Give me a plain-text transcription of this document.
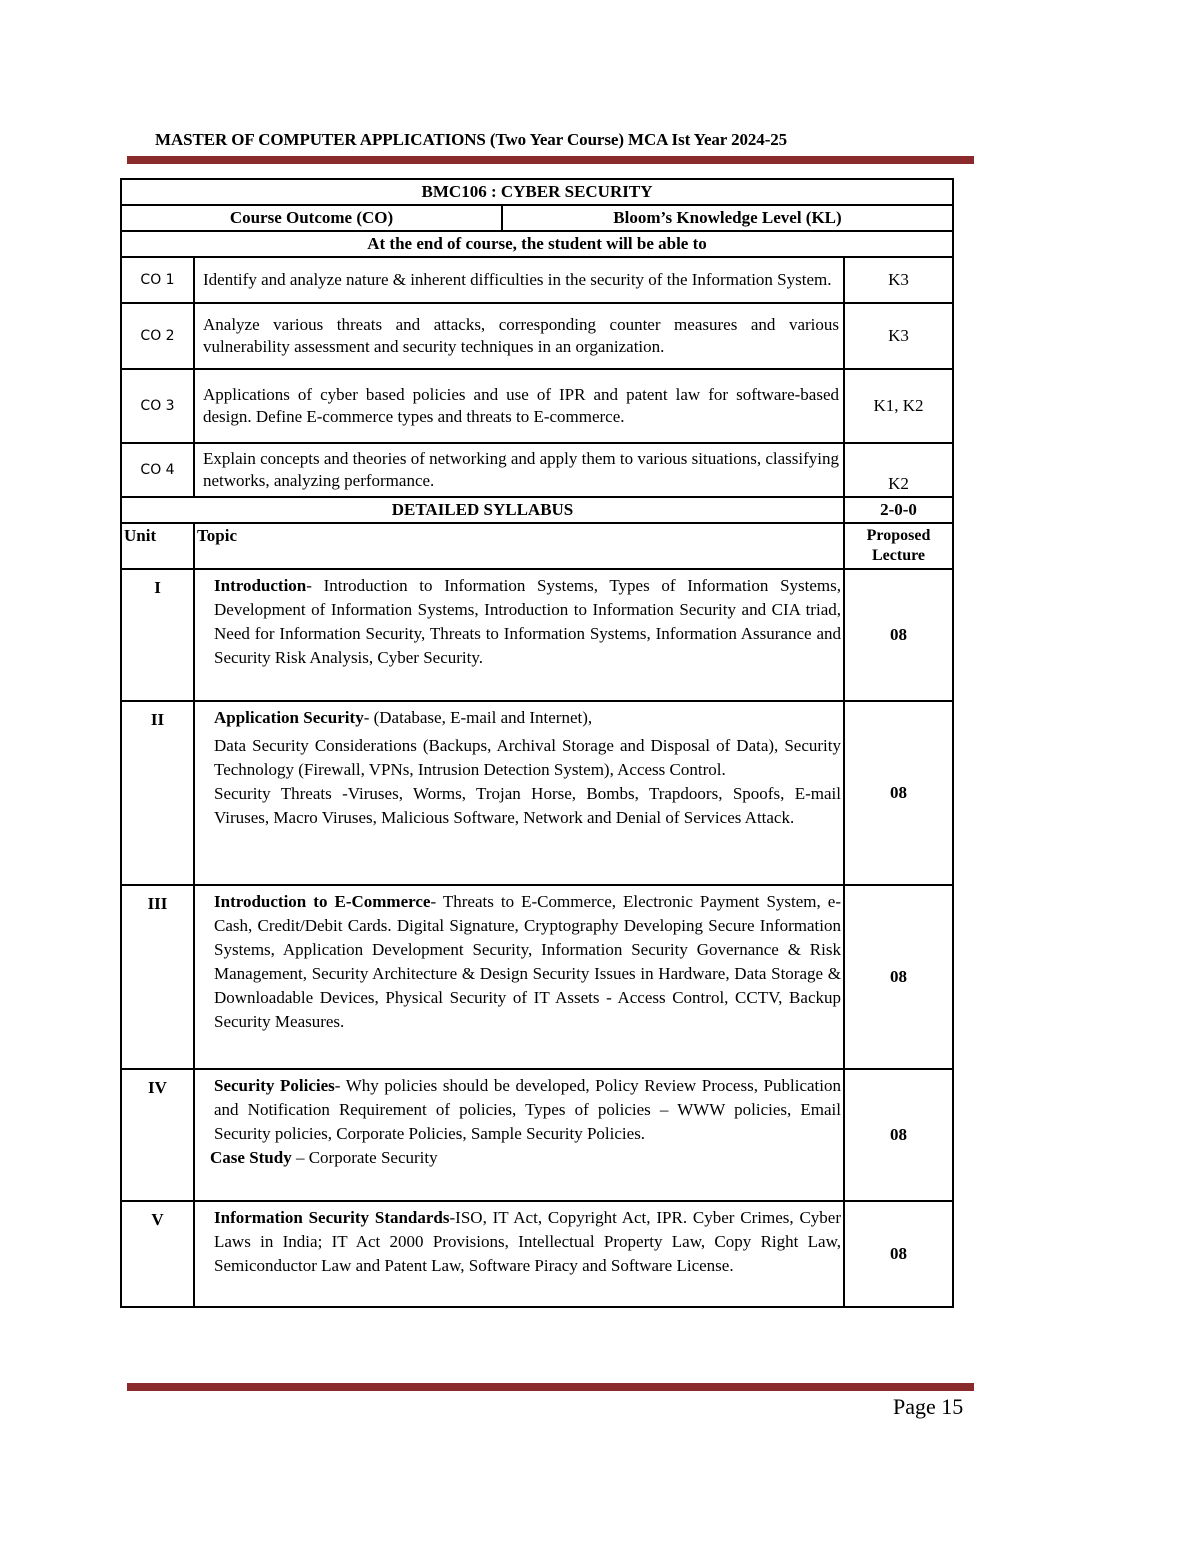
MASTER OF COMPUTER APPLICATIONS (Two Year Course) MCA Ist Year 2024-25
BMC106 : CYBER SECURITY			
Course Outcome (CO)		Bloom’s Knowledge Level (KL)	
At the end of course, the student will be able to			
CO 1	Identify and analyze nature & inherent difficulties in the security of the Information System.		K3
CO 2	Analyze various threats and attacks, corresponding counter measures and various vulnerability assessment and security techniques in an organization.		K3
CO 3	Applications of cyber based policies and use of IPR and patent law for software-based design. Define E-commerce types and threats to E-commerce.		K1, K2
CO 4	Explain concepts and theories of networking and apply them to various situations, classifying networks, analyzing performance.		K2
DETAILED SYLLABUS			2-0-0
Unit	Topic		Proposed Lecture
I	Introduction- Introduction to Information Systems, Types of Information Systems, Development of Information Systems, Introduction to Information Security and CIA triad, Need for Information Security, Threats to Information Systems, Information Assurance and Security Risk Analysis, Cyber Security.		08
II	Application Security- (Database, E-mail and Internet),

Data Security Considerations (Backups, Archival Storage and Disposal of Data), Security Technology (Firewall, VPNs, Intrusion Detection System), Access Control.

Security Threats -Viruses, Worms, Trojan Horse, Bombs, Trapdoors, Spoofs, E-mail Viruses, Macro Viruses, Malicious Software, Network and Denial of Services Attack.		08
III	Introduction to E-Commerce- Threats to E-Commerce, Electronic Payment System, e-Cash, Credit/Debit Cards. Digital Signature, Cryptography Developing Secure Information Systems, Application Development Security, Information Security Governance & Risk Management, Security Architecture & Design Security Issues in Hardware, Data Storage & Downloadable Devices, Physical Security of IT Assets - Access Control, CCTV, Backup Security Measures.		08
IV	Security Policies- Why policies should be developed, Policy Review Process, Publication and Notification Requirement of policies, Types of policies – WWW policies, Email Security policies, Corporate Policies, Sample Security Policies.

Case Study – Corporate Security		08
V	Information Security Standards-ISO, IT Act, Copyright Act, IPR. Cyber Crimes, Cyber Laws in India; IT Act 2000 Provisions, Intellectual Property Law, Copy Right Law, Semiconductor Law and Patent Law, Software Piracy and Software License.		08
Page 15
